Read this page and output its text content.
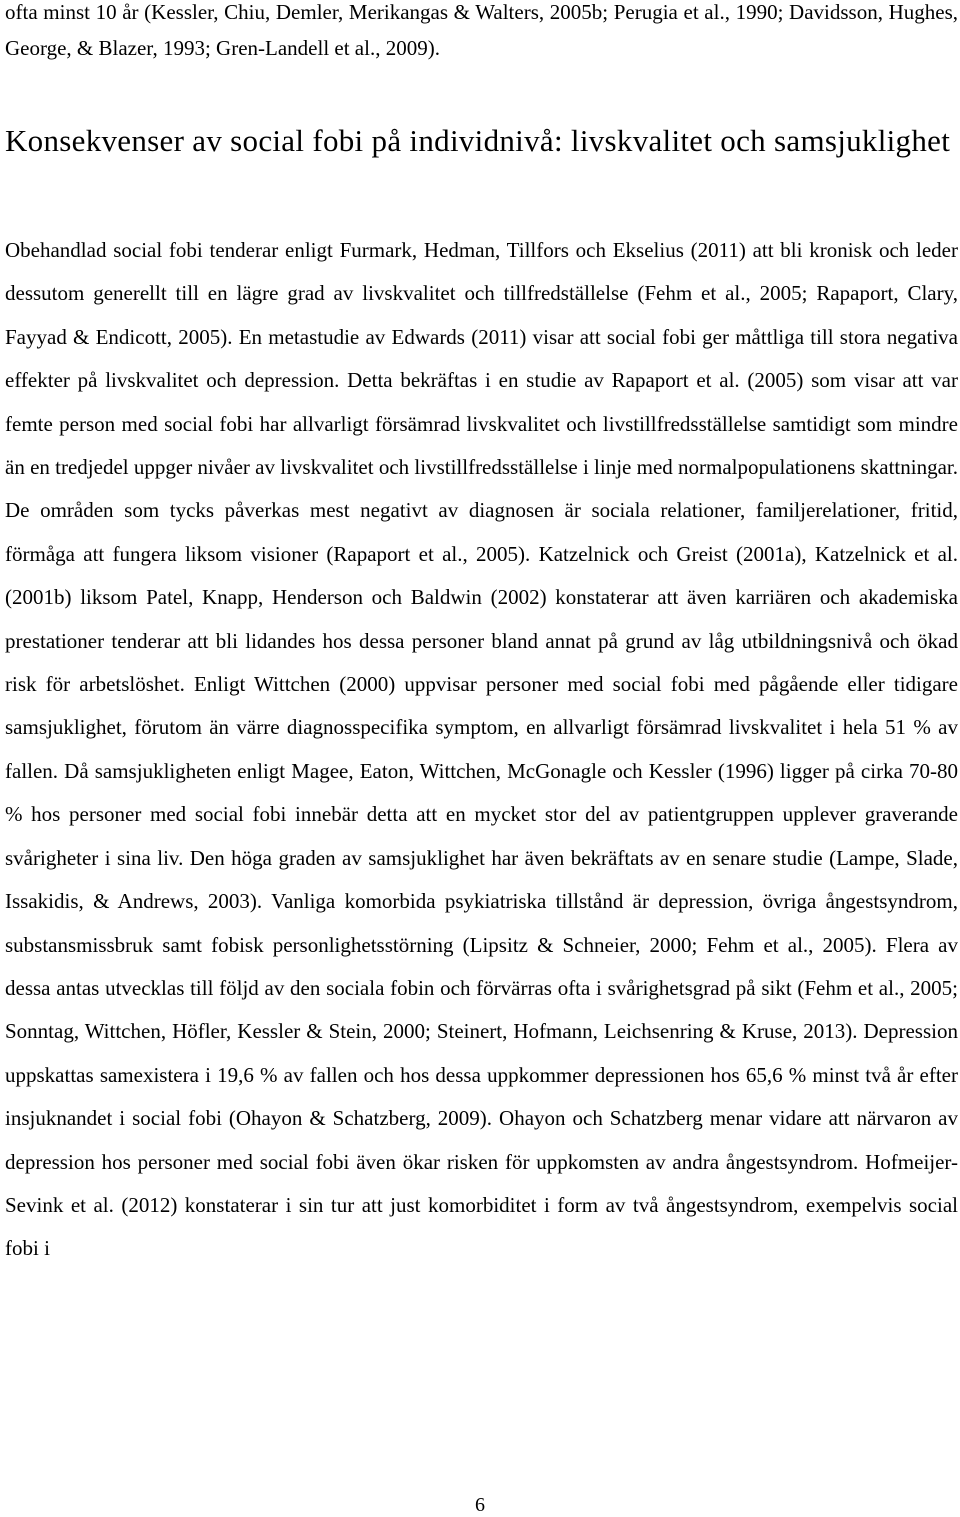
ofta minst 10 år (Kessler, Chiu, Demler, Merikangas & Walters, 2005b; Perugia et al., 1990; Davidsson, Hughes, George, & Blazer, 1993; Gren-Landell et al., 2009).

Konsekvenser av social fobi på individnivå: livskvalitet och samsjuklighet

Obehandlad social fobi tenderar enligt Furmark, Hedman, Tillfors och Ekselius (2011) att bli kronisk och leder dessutom generellt till en lägre grad av livskvalitet och tillfredställelse (Fehm et al., 2005; Rapaport, Clary, Fayyad & Endicott, 2005). En metastudie av Edwards (2011) visar att social fobi ger måttliga till stora negativa effekter på livskvalitet och depression. Detta bekräftas i en studie av Rapaport et al. (2005) som visar att var femte person med social fobi har allvarligt försämrad livskvalitet och livstillfredsställelse samtidigt som mindre än en tredjedel uppger nivåer av livskvalitet och livstillfredsställelse i linje med normalpopulationens skattningar. De områden som tycks påverkas mest negativt av diagnosen är sociala relationer, familjerelationer, fritid, förmåga att fungera liksom visioner (Rapaport et al., 2005). Katzelnick och Greist (2001a), Katzelnick et al. (2001b) liksom Patel, Knapp, Henderson och Baldwin (2002) konstaterar att även karriären och akademiska prestationer tenderar att bli lidandes hos dessa personer bland annat på grund av låg utbildningsnivå och ökad risk för arbetslöshet. Enligt Wittchen (2000) uppvisar personer med social fobi med pågående eller tidigare samsjuklighet, förutom än värre diagnosspecifika symptom, en allvarligt försämrad livskvalitet i hela 51 % av fallen. Då samsjukligheten enligt Magee, Eaton, Wittchen, McGonagle och Kessler (1996) ligger på cirka 70-80 % hos personer med social fobi innebär detta att en mycket stor del av patientgruppen upplever graverande svårigheter i sina liv. Den höga graden av samsjuklighet har även bekräftats av en senare studie (Lampe, Slade, Issakidis, & Andrews, 2003). Vanliga komorbida psykiatriska tillstånd är depression, övriga ångestsyndrom, substansmissbruk samt fobisk personlighetsstörning (Lipsitz & Schneier, 2000; Fehm et al., 2005). Flera av dessa antas utvecklas till följd av den sociala fobin och förvärras ofta i svårighetsgrad på sikt (Fehm et al., 2005; Sonntag, Wittchen, Höfler, Kessler & Stein, 2000; Steinert, Hofmann, Leichsenring & Kruse, 2013). Depression uppskattas samexistera i 19,6 % av fallen och hos dessa uppkommer depressionen hos 65,6 % minst två år efter insjuknandet i social fobi (Ohayon & Schatzberg, 2009). Ohayon och Schatzberg menar vidare att närvaron av depression hos personer med social fobi även ökar risken för uppkomsten av andra ångestsyndrom. Hofmeijer-Sevink et al. (2012) konstaterar i sin tur att just komorbiditet i form av två ångestsyndrom, exempelvis social fobi i

6
